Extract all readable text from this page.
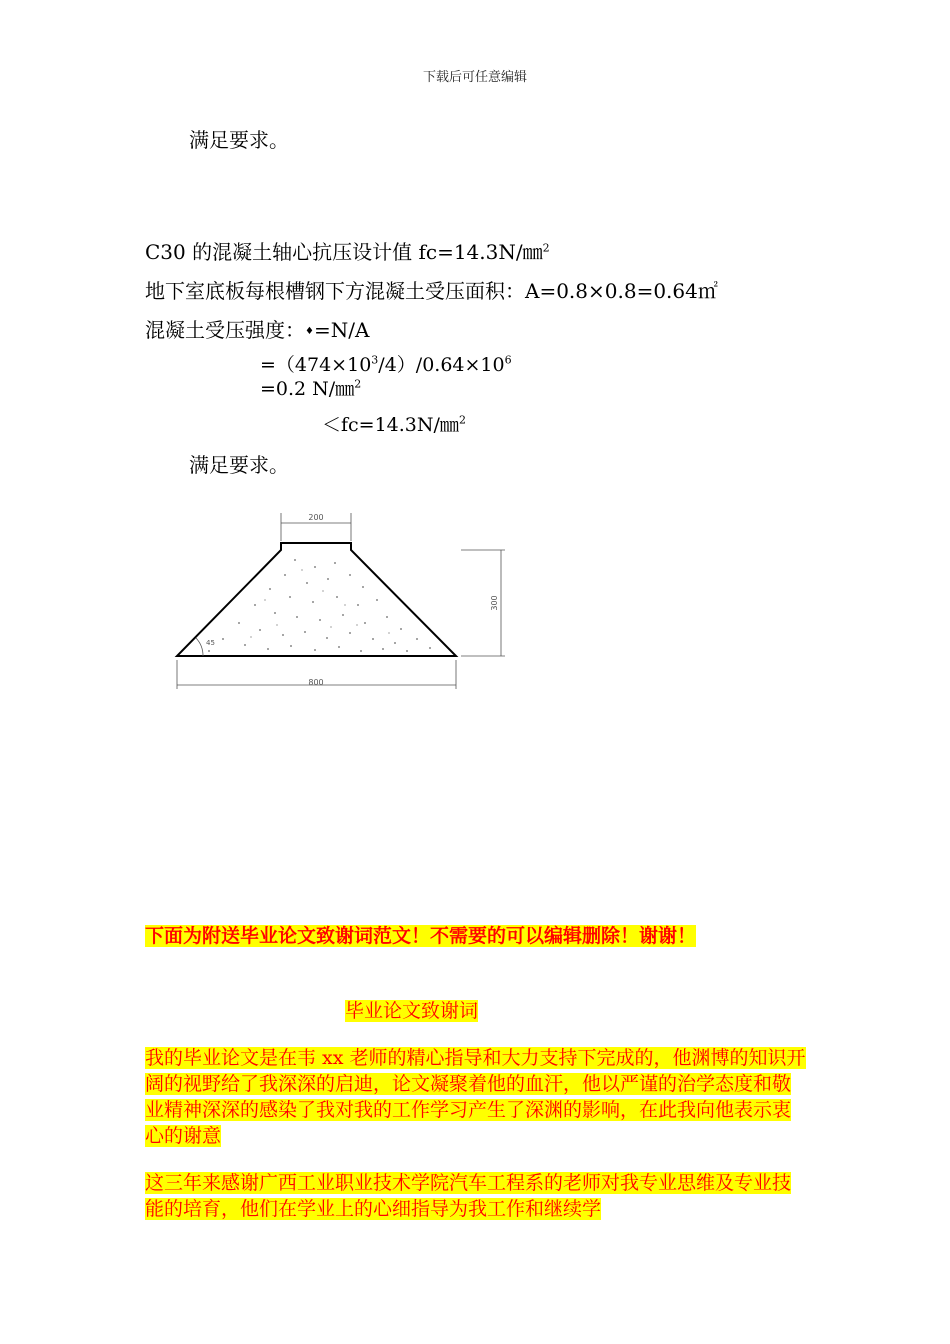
下载后可任意编辑
满足要求。
C30 的混凝土轴心抗压设计值 fc=14.3N/㎜$^2$
地下室底板每根槽钢下方混凝土受压面积：A=0.8×0.8=0.64㎡
混凝土受压强度：♦=N/A
$=(474\times 10^3/4)/0.64\times 10^6$
=0.2 N/㎜$^2$
＜fc=14.3N/㎜$^2$
满足要求。
200
45
300
800
下面为附送毕业论文致谢词范文！不需要的可以编辑删除！谢谢！
毕业论文致谢词
我的毕业论文是在韦 xx 老师的精心指导和大力支持下完成的，他渊博的知识开阔的视野给了我深深的启迪，论文凝聚着他的血汗，他以严谨的治学态度和敬业精神深深的感染了我对我的工作学习产生了深渊的影响，在此我向他表示衷心的谢意
这三年来感谢广西工业职业技术学院汽车工程系的老师对我专业思维及专业技能的培育，他们在学业上的心细指导为我工作和继续学
